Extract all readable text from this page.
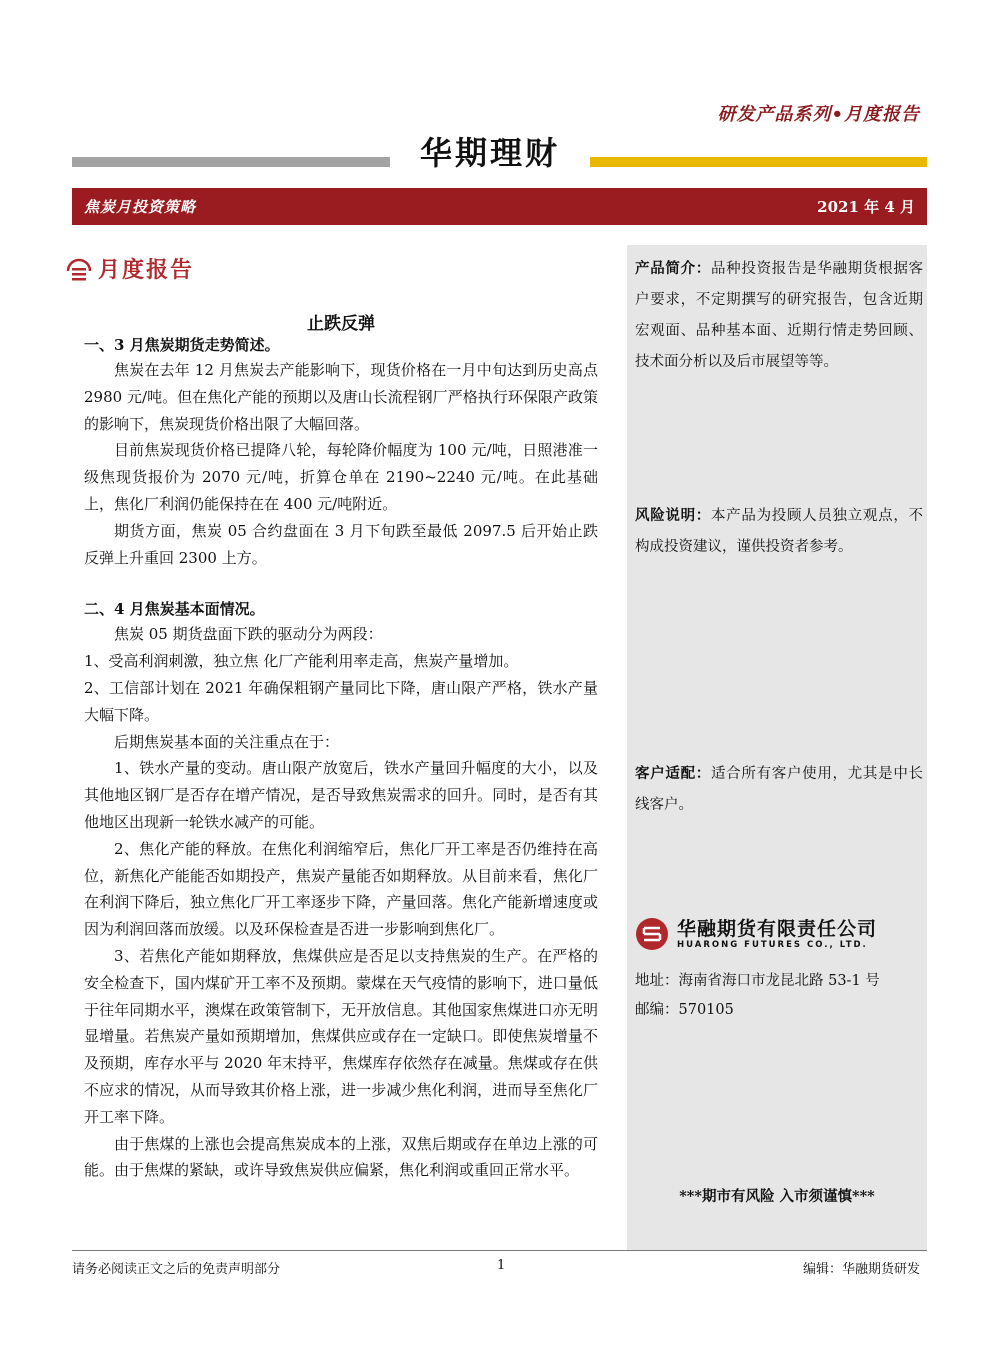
研发产品系列•月度报告
华期理财
焦炭月投资策略	2021 年 4 月
月度报告
止跌反弹
一、3 月焦炭期货走势简述。
焦炭在去年 12 月焦炭去产能影响下，现货价格在一月中旬达到历史高点 2980 元/吨。但在焦化产能的预期以及唐山长流程钢厂严格执行环保限产政策的影响下，焦炭现货价格出限了大幅回落。
目前焦炭现货价格已提降八轮，每轮降价幅度为 100 元/吨，日照港准一级焦现货报价为 2070 元/吨，折算仓单在 2190~2240 元/吨。在此基础上，焦化厂利润仍能保持在在 400 元/吨附近。
期货方面，焦炭 05 合约盘面在 3 月下旬跌至最低 2097.5 后开始止跌反弹上升重回 2300 上方。
二、4 月焦炭基本面情况。
焦炭 05 期货盘面下跌的驱动分为两段：
1、受高利润刺激，独立焦 化厂产能利用率走高，焦炭产量增加。
2、工信部计划在 2021 年确保粗钢产量同比下降，唐山限产严格，铁水产量大幅下降。
后期焦炭基本面的关注重点在于：
1、铁水产量的变动。唐山限产放宽后，铁水产量回升幅度的大小，以及其他地区钢厂是否存在增产情况，是否导致焦炭需求的回升。同时，是否有其他地区出现新一轮铁水减产的可能。
2、焦化产能的释放。在焦化利润缩窄后，焦化厂开工率是否仍维持在高位，新焦化产能能否如期投产，焦炭产量能否如期释放。从目前来看，焦化厂在利润下降后，独立焦化厂开工率逐步下降，产量回落。焦化产能新增速度或因为利润回落而放缓。以及环保检查是否进一步影响到焦化厂。
3、若焦化产能如期释放，焦煤供应是否足以支持焦炭的生产。在严格的安全检查下，国内煤矿开工率不及预期。蒙煤在天气疫情的影响下，进口量低于往年同期水平，澳煤在政策管制下，无开放信息。其他国家焦煤进口亦无明显增量。若焦炭产量如预期增加，焦煤供应或存在一定缺口。即使焦炭增量不及预期，库存水平与 2020 年末持平，焦煤库存依然存在减量。焦煤或存在供不应求的情况，从而导致其价格上涨，进一步减少焦化利润，进而导至焦化厂开工率下降。
由于焦煤的上涨也会提高焦炭成本的上涨，双焦后期或存在单边上涨的可能。由于焦煤的紧缺，或许导致焦炭供应偏紧，焦化利润或重回正常水平。
产品简介：品种投资报告是华融期货根据客户要求，不定期撰写的研究报告，包含近期宏观面、品种基本面、近期行情走势回顾、技术面分析以及后市展望等等。
风险说明：本产品为投顾人员独立观点，不构成投资建议，谨供投资者参考。
客户适配：适合所有客户使用，尤其是中长线客户。
华融期货有限责任公司
HUARONG FUTURES CO., LTD.
地址：海南省海口市龙昆北路 53-1 号
邮编：570105
***期市有风险 入市须谨慎***
请务必阅读正文之后的免责声明部分	1	编辑：华融期货研发
